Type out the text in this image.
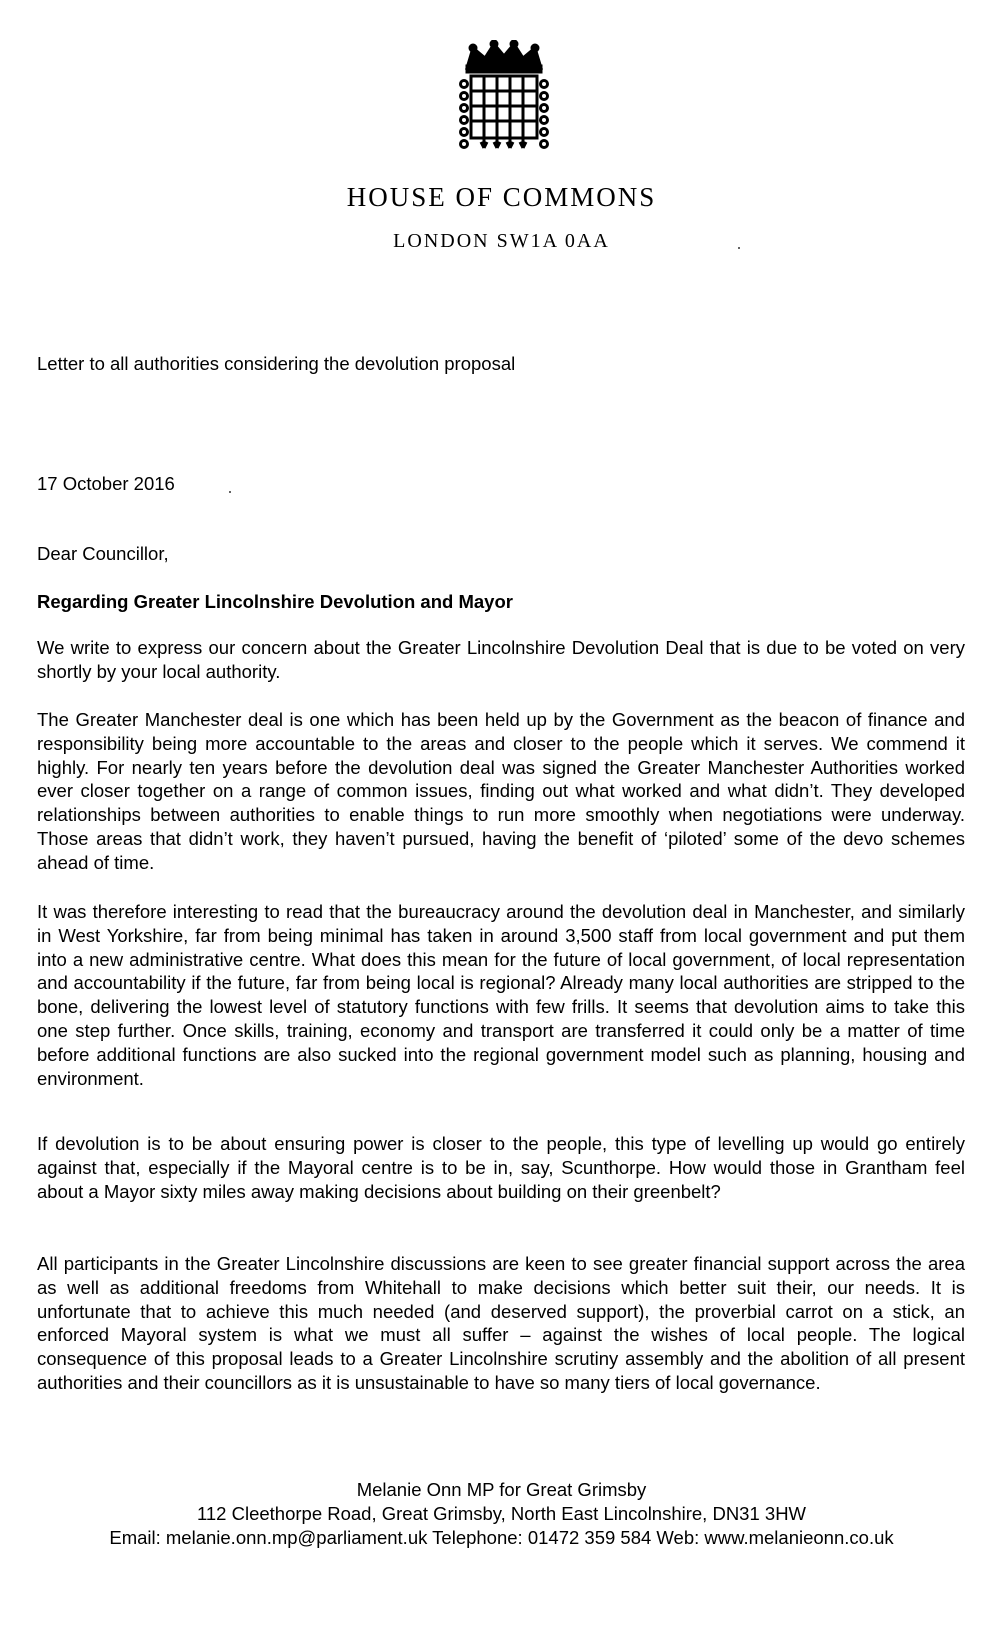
HOUSE OF COMMONS
LONDON SW1A 0AA
Letter to all authorities considering the devolution proposal
17 October 2016
Dear Councillor,
Regarding Greater Lincolnshire Devolution and Mayor

We write to express our concern about the Greater Lincolnshire Devolution Deal that is due to be voted on very shortly by your local authority.

The Greater Manchester deal is one which has been held up by the Government as the beacon of finance and responsibility being more accountable to the areas and closer to the people which it serves. We commend it highly. For nearly ten years before the devolution deal was signed the Greater Manchester Authorities worked ever closer together on a range of common issues, finding out what worked and what didn’t. They developed relationships between authorities to enable things to run more smoothly when negotiations were underway. Those areas that didn’t work, they haven’t pursued, having the benefit of ‘piloted’ some of the devo schemes ahead of time.

It was therefore interesting to read that the bureaucracy around the devolution deal in Manchester, and similarly in West Yorkshire, far from being minimal has taken in around 3,500 staff from local government and put them into a new administrative centre. What does this mean for the future of local government, of local representation and accountability if the future, far from being local is regional? Already many local authorities are stripped to the bone, delivering the lowest level of statutory functions with few frills. It seems that devolution aims to take this one step further. Once skills, training, economy and transport are transferred it could only be a matter of time before additional functions are also sucked into the regional government model such as planning, housing and environment.

If devolution is to be about ensuring power is closer to the people, this type of levelling up would go entirely against that, especially if the Mayoral centre is to be in, say, Scunthorpe. How would those in Grantham feel about a Mayor sixty miles away making decisions about building on their greenbelt?

All participants in the Greater Lincolnshire discussions are keen to see greater financial support across the area as well as additional freedoms from Whitehall to make decisions which better suit their, our needs. It is unfortunate that to achieve this much needed (and deserved support), the proverbial carrot on a stick, an enforced Mayoral system is what we must all suffer – against the wishes of local people. The logical consequence of this proposal leads to a Greater Lincolnshire scrutiny assembly and the abolition of all present authorities and their councillors as it is unsustainable to have so many tiers of local governance.

Melanie Onn MP for Great Grimsby
112 Cleethorpe Road, Great Grimsby, North East Lincolnshire, DN31 3HW
Email: melanie.onn.mp@parliament.uk Telephone: 01472 359 584 Web: www.melanieonn.co.uk
